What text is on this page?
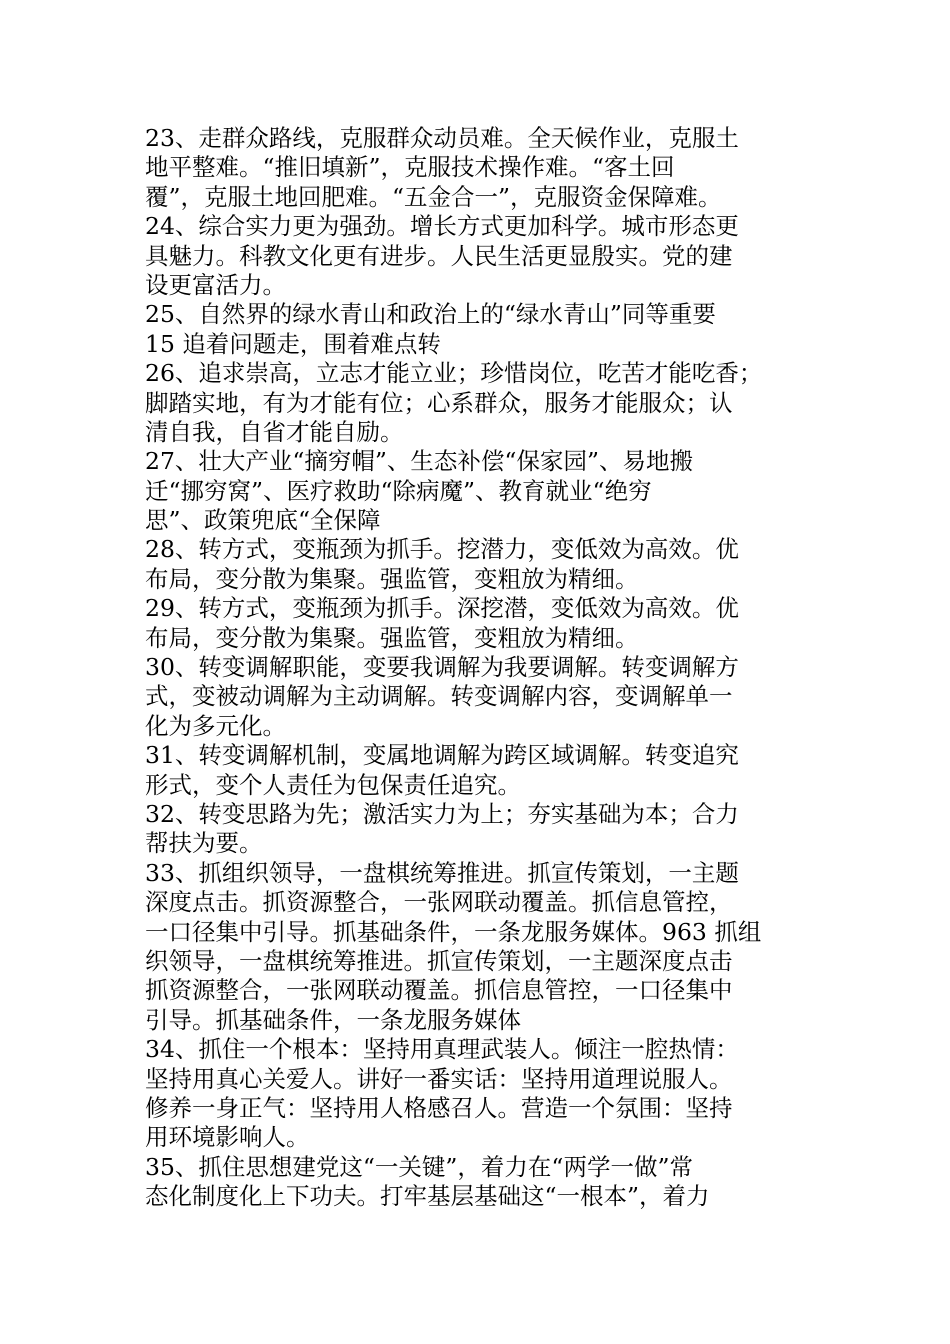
23、走群众路线，克服群众动员难。全天候作业，克服土
地平整难。“推旧填新”，克服技术操作难。“客土回
覆”，克服土地回肥难。“五金合一”，克服资金保障难。
24、综合实力更为强劲。增长方式更加科学。城市形态更
具魅力。科教文化更有进步。人民生活更显殷实。党的建
设更富活力。
25、自然界的绿水青山和政治上的“绿水青山”同等重要
15 追着问题走，围着难点转
26、追求崇高，立志才能立业；珍惜岗位，吃苦才能吃香；
脚踏实地，有为才能有位；心系群众，服务才能服众；认
清自我，自省才能自励。
27、壮大产业“摘穷帽”、生态补偿“保家园”、易地搬
迁“挪穷窝”、医疗救助“除病魔”、教育就业“绝穷
思”、政策兜底“全保障
28、转方式，变瓶颈为抓手。挖潜力，变低效为高效。优
布局，变分散为集聚。强监管，变粗放为精细。
29、转方式，变瓶颈为抓手。深挖潜，变低效为高效。优
布局，变分散为集聚。强监管，变粗放为精细。
30、转变调解职能，变要我调解为我要调解。转变调解方
式，变被动调解为主动调解。转变调解内容，变调解单一
化为多元化。
31、转变调解机制，变属地调解为跨区域调解。转变追究
形式，变个人责任为包保责任追究。
32、转变思路为先；激活实力为上；夯实基础为本；合力
帮扶为要。
33、抓组织领导，一盘棋统筹推进。抓宣传策划，一主题
深度点击。抓资源整合，一张网联动覆盖。抓信息管控，
一口径集中引导。抓基础条件，一条龙服务媒体。963 抓组
织领导，一盘棋统筹推进。抓宣传策划，一主题深度点击
抓资源整合，一张网联动覆盖。抓信息管控，一口径集中
引导。抓基础条件，一条龙服务媒体
34、抓住一个根本：坚持用真理武装人。倾注一腔热情：
坚持用真心关爱人。讲好一番实话：坚持用道理说服人。
修养一身正气：坚持用人格感召人。营造一个氛围：坚持
用环境影响人。
35、抓住思想建党这“一关键”，着力在“两学一做”常
态化制度化上下功夫。打牢基层基础这“一根本”，着力
